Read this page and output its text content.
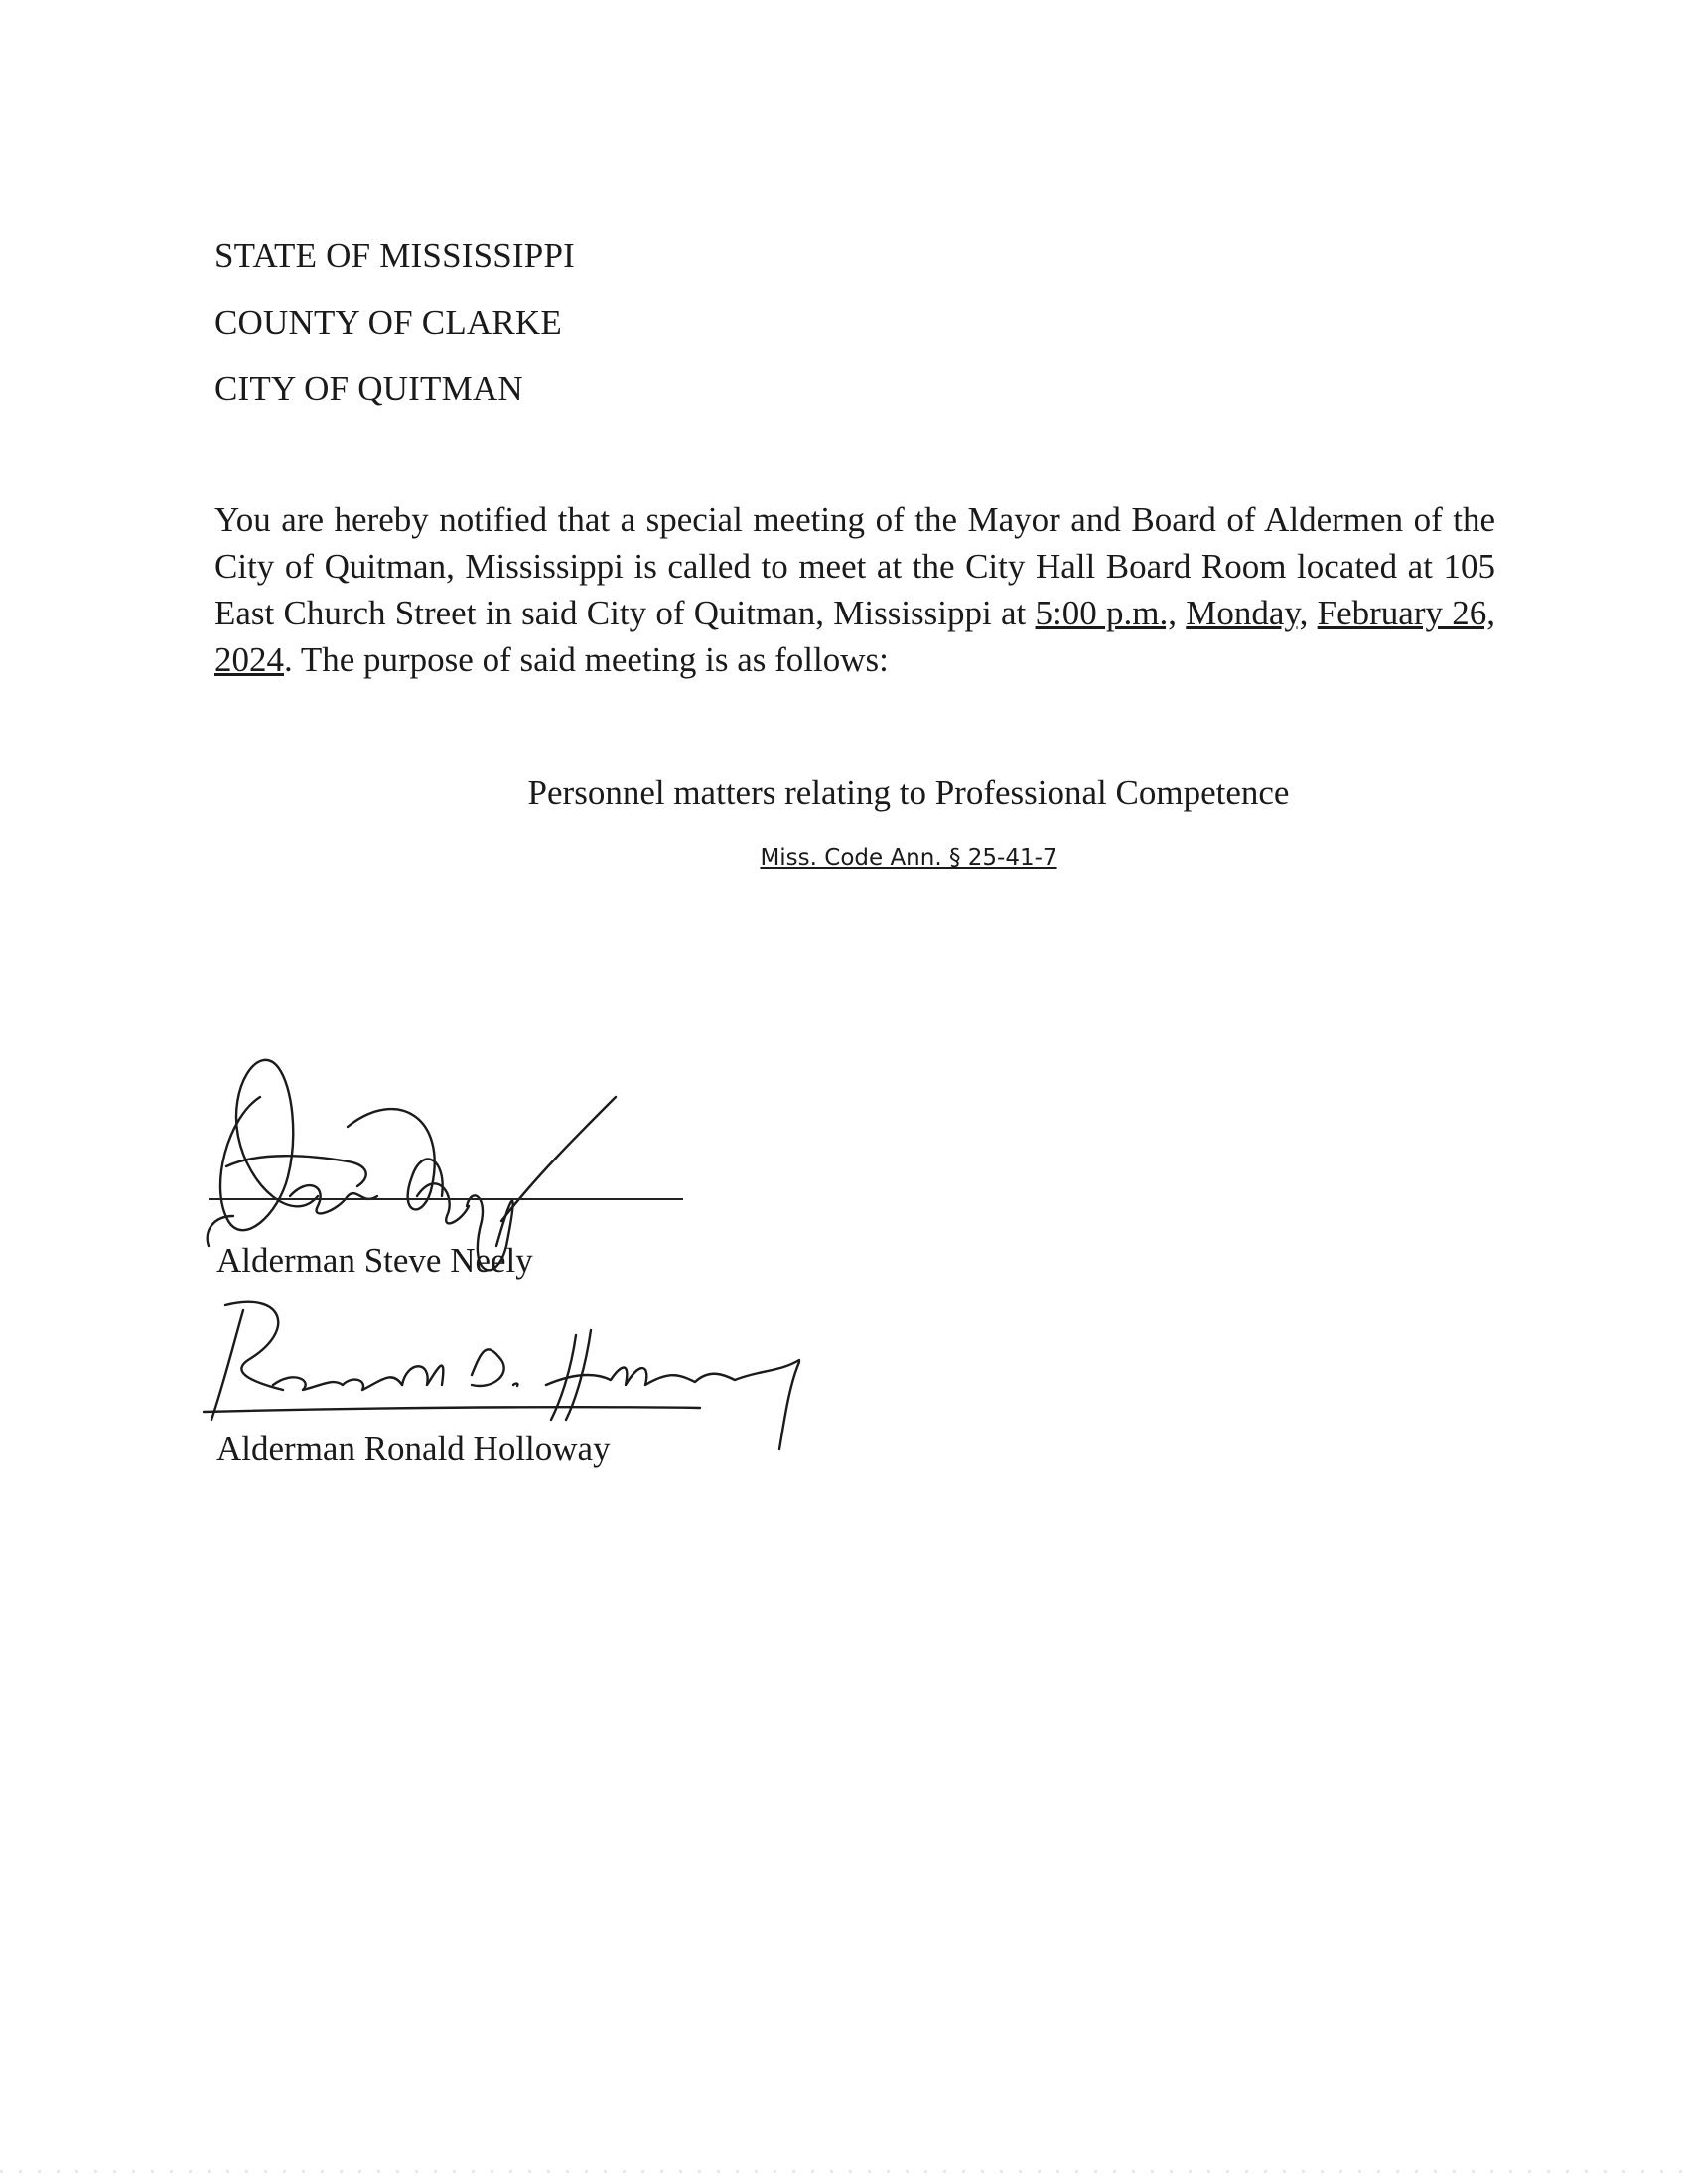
STATE OF MISSISSIPPI
COUNTY OF CLARKE
CITY OF QUITMAN
You are hereby notified that a special meeting of the Mayor and Board of Aldermen of the City of Quitman, Mississippi is called to meet at the City Hall Board Room located at 105 East Church Street in said City of Quitman, Mississippi at 5:00 p.m., Monday, February 26, 2024. The purpose of said meeting is as follows:
Personnel matters relating to Professional Competence
Miss. Code Ann. § 25-41-7
Alderman Steve Neely
Alderman Ronald Holloway
